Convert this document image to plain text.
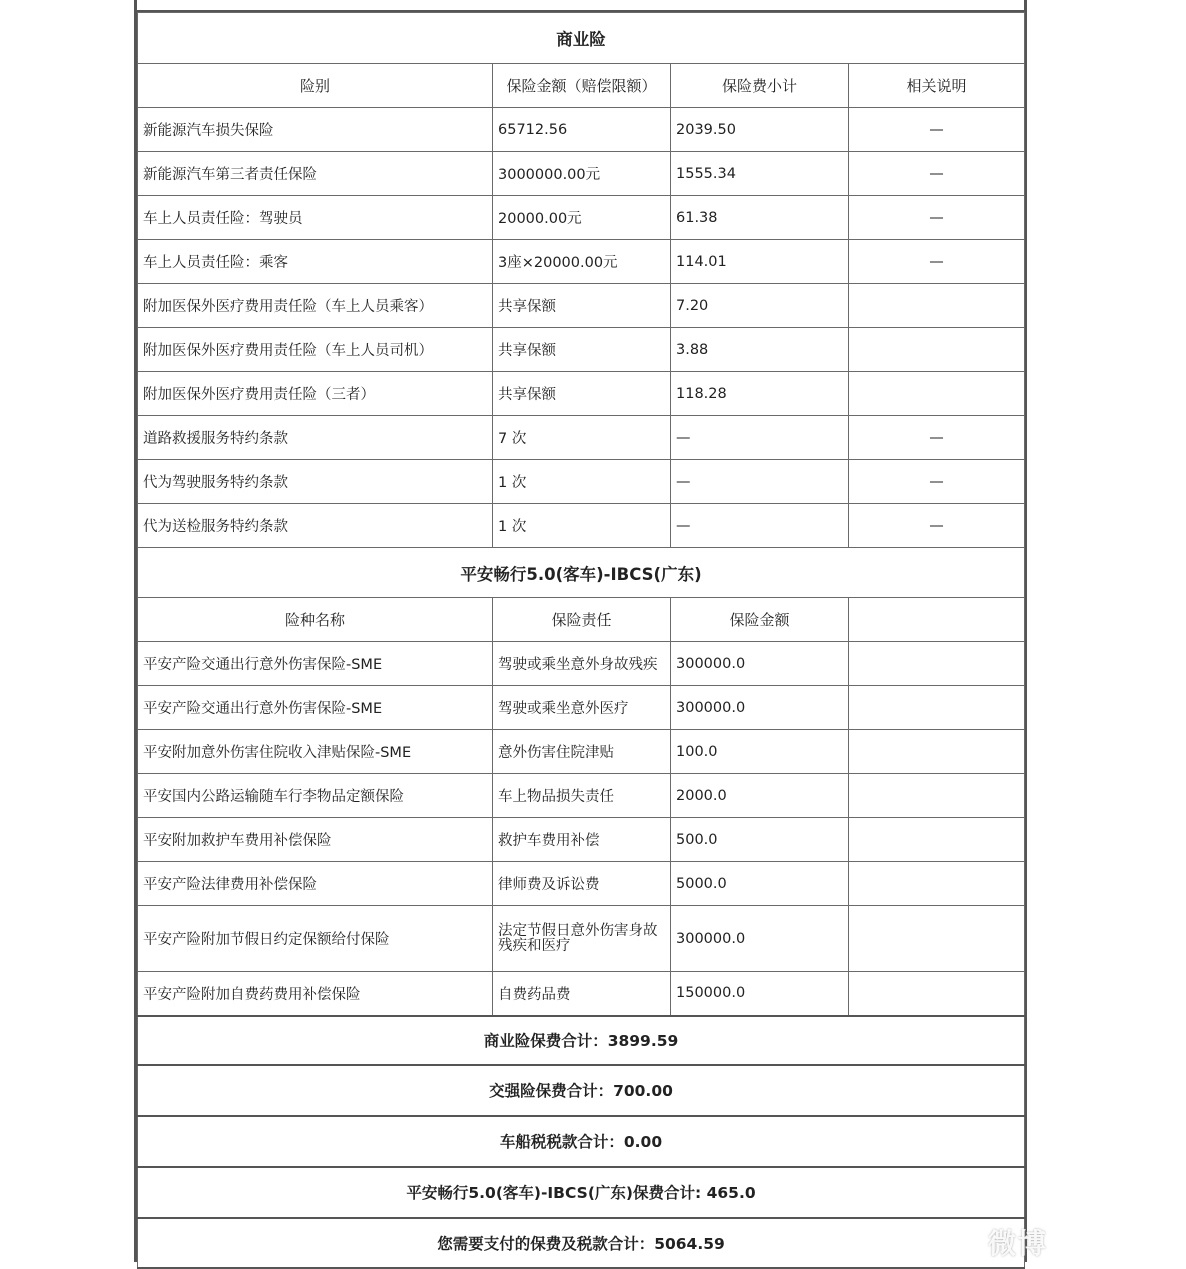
商业险			
险别	保险金额（赔偿限额）	保险费小计	相关说明
新能源汽车损失保险	65712.56	2039.50	—
新能源汽车第三者责任保险	3000000.00元	1555.34	—
车上人员责任险：驾驶员	20000.00元	61.38	—
车上人员责任险：乘客	3座×20000.00元	114.01	—
附加医保外医疗费用责任险（车上人员乘客）	共享保额	7.20	
附加医保外医疗费用责任险（车上人员司机）	共享保额	3.88	
附加医保外医疗费用责任险（三者）	共享保额	118.28	
道路救援服务特约条款	7 次	—	—
代为驾驶服务特约条款	1 次	—	—
代为送检服务特约条款	1 次	—	—
平安畅行5.0(客车)-IBCS(广东)			
险种名称	保险责任	保险金额	
平安产险交通出行意外伤害保险-SME	驾驶或乘坐意外身故残疾	300000.0	
平安产险交通出行意外伤害保险-SME	驾驶或乘坐意外医疗	300000.0	
平安附加意外伤害住院收入津贴保险-SME	意外伤害住院津贴	100.0	
平安国内公路运输随车行李物品定额保险	车上物品损失责任	2000.0	
平安附加救护车费用补偿保险	救护车费用补偿	500.0	
平安产险法律费用补偿保险	律师费及诉讼费	5000.0	
平安产险附加节假日约定保额给付保险	法定节假日意外伤害身故残疾和医疗	300000.0	
平安产险附加自费药费用补偿保险	自费药品费	150000.0	
商业险保费合计：3899.59			
交强险保费合计：700.00			
车船税税款合计：0.00			
平安畅行5.0(客车)-IBCS(广东)保费合计: 465.0			
您需要支付的保费及税款合计：5064.59				微博
